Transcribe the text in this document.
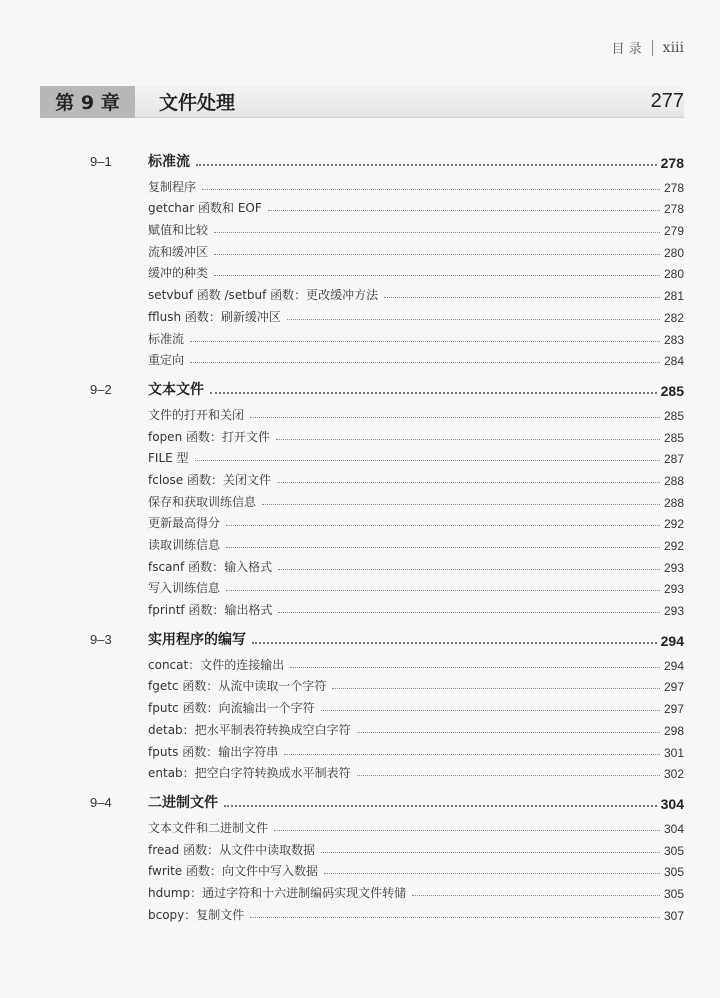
目 录 xiii
第 9 章	文件处理	277
9–1	标准流	278
复制程序	278
getchar 函数和 EOF	278
赋值和比较	279
流和缓冲区	280
缓冲的种类	280
setvbuf 函数 /setbuf 函数：更改缓冲方法	281
fflush 函数：刷新缓冲区	282
标准流	283
重定向	284
9–2	文本文件	285
文件的打开和关闭	285
fopen 函数：打开文件	285
FILE 型	287
fclose 函数：关闭文件	288
保存和获取训练信息	288
更新最高得分	292
读取训练信息	292
fscanf 函数：输入格式	293
写入训练信息	293
fprintf 函数：输出格式	293
9–3	实用程序的编写	294
concat：文件的连接输出	294
fgetc 函数：从流中读取一个字符	297
fputc 函数：向流输出一个字符	297
detab：把水平制表符转换成空白字符	298
fputs 函数：输出字符串	301
entab：把空白字符转换成水平制表符	302
9–4	二进制文件	304
文本文件和二进制文件	304
fread 函数：从文件中读取数据	305
fwrite 函数：向文件中写入数据	305
hdump：通过字符和十六进制编码实现文件转储	305
bcopy：复制文件	307
